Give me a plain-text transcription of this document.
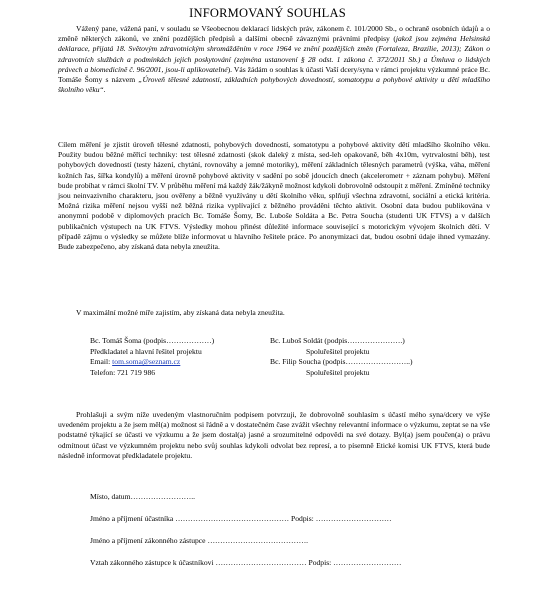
INFORMOVANÝ SOUHLAS
Vážený pane, vážená paní, v souladu se Všeobecnou deklarací lidských práv, zákonem č. 101/2000 Sb., o ochraně osobních údajů a o změně některých zákonů, ve znění pozdějších předpisů a dalšími obecně závaznými právními předpisy (jakož jsou zejména Helsinská deklarace, přijatá 18. Světovým zdravotnickým shromážděním v roce 1964 ve znění pozdějších změn (Fortaleza, Brazílie, 2013); Zákon o zdravotních službách a podmínkách jejich poskytování (zejména ustanovení § 28 odst. 1 zákona č. 372/2011 Sb.) a Úmluva o lidských právech a biomedicíně č. 96/2001, jsou-li aplikovatelné). Vás žádám o souhlas k účasti Vaší dcery/syna v rámci projektu výzkumné práce Bc. Tomáše Šomy s názvem „Úroveň tělesné zdatnosti, základních pohybových dovedností, somatotypu a pohybové aktivity u dětí mladšího školního věku“.
Cílem měření je zjistit úroveň tělesné zdatnosti, pohybových dovedností, somatotypu a pohybové aktivity dětí mladšího školního věku. Použity budou běžné měřicí techniky: test tělesné zdatnosti (skok daleký z místa, sed-leh opakovaně, běh 4x10m, vytrvalostní běh), test pohybových dovedností (testy házení, chytání, rovnováhy a jemné motoriky), měření základních tělesných parametrů (výška, váha, měření kožních řas, šířka kondylů) a měření úrovně pohybové aktivity v sadění po sobě jdoucích dnech (akcelerometr + záznam pohybu). Měření bude probíhat v rámci školní TV. V průběhu měření má každý žák/žákyně možnost kdykoli dobrovolně odstoupit z měření. Zmíněné techniky jsou neinvazivního charakteru, jsou ověřeny a běžně využívány u dětí školního věku, splňují všechna zdravotní, sociální a etická kritéria. Možná rizika měření nejsou vyšší než běžná rizika vyplívající z běžného prováděni těchto aktivit. Osobní data budou publikována v anonymní podobě v diplomových pracích Bc. Tomáše Šomy, Bc. Luboše Soldáta a Bc. Petra Soucha (studenti UK FTVS) a v dalších publikačních výstupech na UK FTVS. Výsledky mohou přinést důležité informace související s motorickým vývojem školních dětí. V případě zájmu o výsledky se můžete blíže informovat u hlavního řešitele práce. Po anonymizaci dat, budou osobní údaje ihned vymazány. Bude zabezpečeno, aby získaná data nebyla zneužita.
V maximální možné míře zajistím, aby získaná data nebyla zneužita.
Bc. Tomáš Šoma (podpis………………)
Předkladatel a hlavní řešitel projektu
Email: tom.soma@seznam.cz
Telefon: 721 719 986
Bc. Luboš Soldát (podpis………………….)
Spoluřešitel projektu
Bc. Filip Soucha (podpis……………………..)
Spoluřešitel projektu
Prohlašuji a svým níže uvedeným vlastnoručním podpisem potvrzuji, že dobrovolně souhlasím s účastí mého syna/dcery ve výše uvedeném projektu a že jsem měl(a) možnost si řádně a v dostatečném čase zvážit všechny relevantní informace o výzkumu, zeptat se na vše podstatné týkající se účasti ve výzkumu a že jsem dostal(a) jasné a srozumitelné odpovědi na své dotazy. Byl(a) jsem poučen(a) o právu odmítnout účast ve výzkumném projektu nebo svůj souhlas kdykoli odvolat bez represí, a to písemně Etické komisi UK FTVS, která bude následně informovat předkladatele projektu.
Místo, datum……………………..
Jméno a příjmení účastníka ……………………………………… Podpis: …………………………
Jméno a příjmení zákonného zástupce ………………………………….
Vztah zákonného zástupce k účastníkovi ……………………………… Podpis: ………………………
